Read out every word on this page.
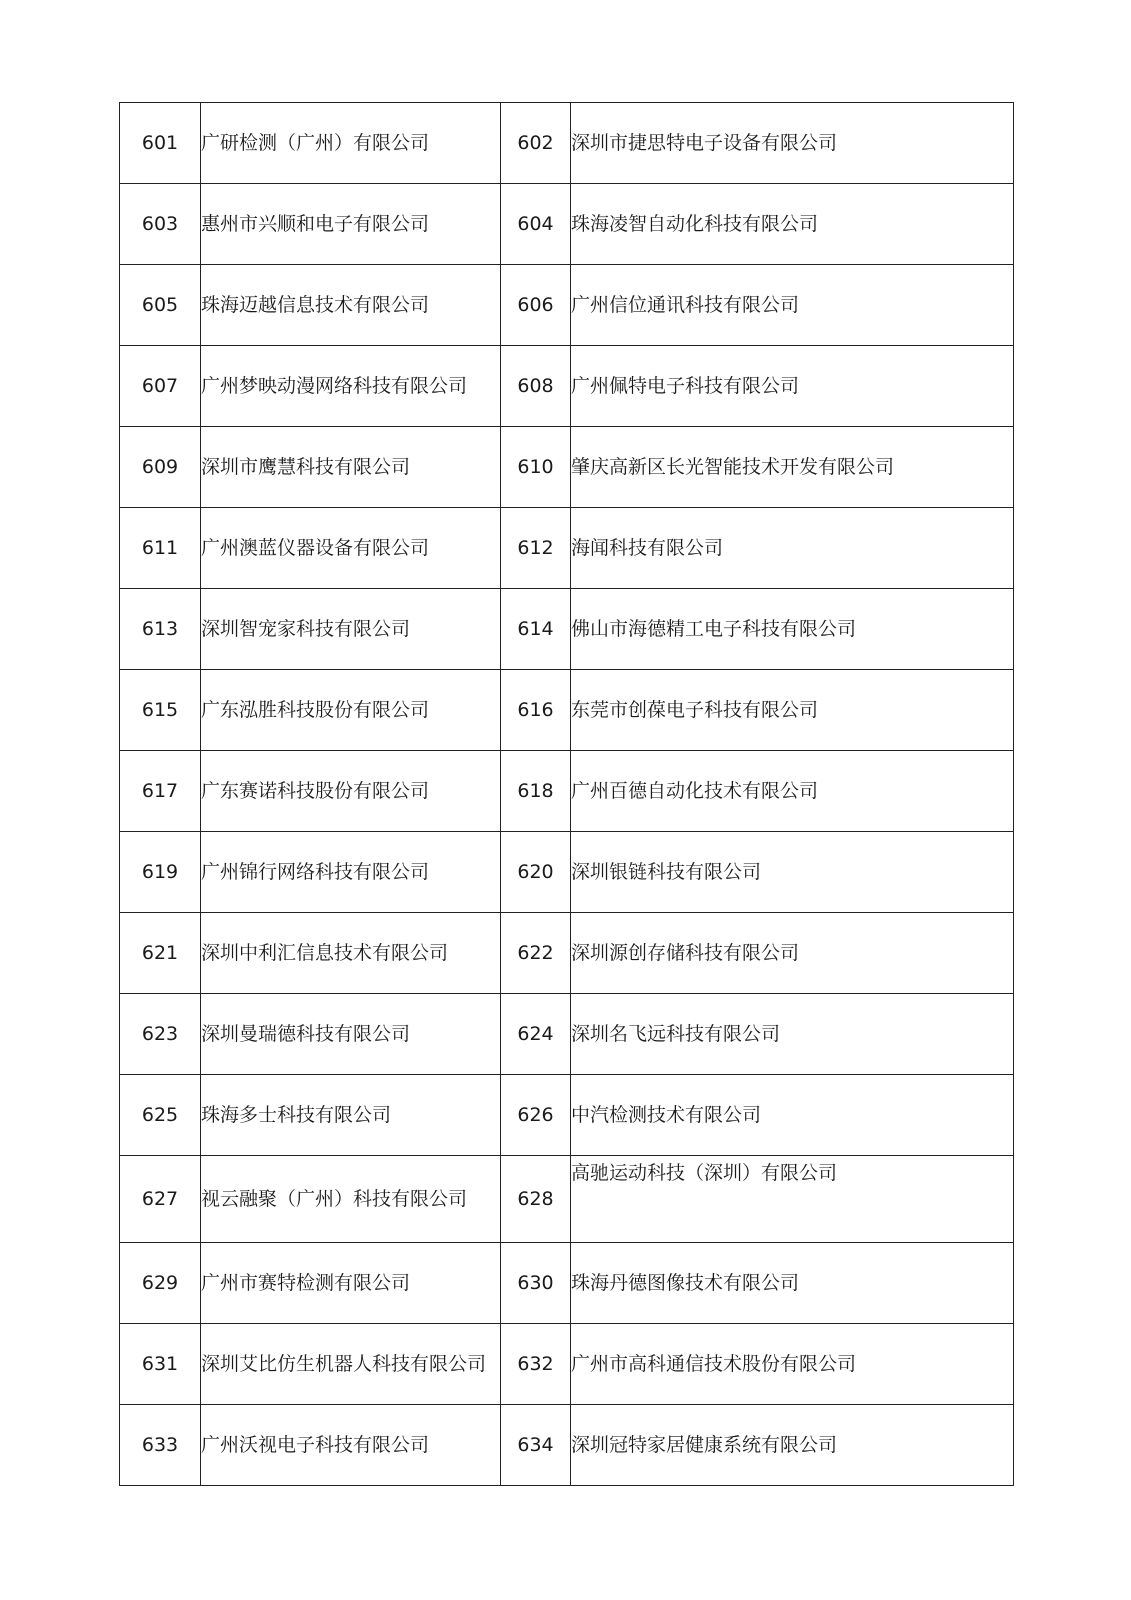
601	广研检测（广州）有限公司	602	深圳市捷思特电子设备有限公司
603	惠州市兴顺和电子有限公司	604	珠海凌智自动化科技有限公司
605	珠海迈越信息技术有限公司	606	广州信位通讯科技有限公司
607	广州梦映动漫网络科技有限公司	608	广州佩特电子科技有限公司
609	深圳市鹰慧科技有限公司	610	肇庆高新区长光智能技术开发有限公司
611	广州澳蓝仪器设备有限公司	612	海闻科技有限公司
613	深圳智宠家科技有限公司	614	佛山市海德精工电子科技有限公司
615	广东泓胜科技股份有限公司	616	东莞市创葆电子科技有限公司
617	广东赛诺科技股份有限公司	618	广州百德自动化技术有限公司
619	广州锦行网络科技有限公司	620	深圳银链科技有限公司
621	深圳中利汇信息技术有限公司	622	深圳源创存储科技有限公司
623	深圳曼瑞德科技有限公司	624	深圳名飞远科技有限公司
625	珠海多士科技有限公司	626	中汽检测技术有限公司
627	视云融聚（广州）科技有限公司	628	高驰运动科技（深圳）有限公司
629	广州市赛特检测有限公司	630	珠海丹德图像技术有限公司
631	深圳艾比仿生机器人科技有限公司	632	广州市高科通信技术股份有限公司
633	广州沃视电子科技有限公司	634	深圳冠特家居健康系统有限公司
